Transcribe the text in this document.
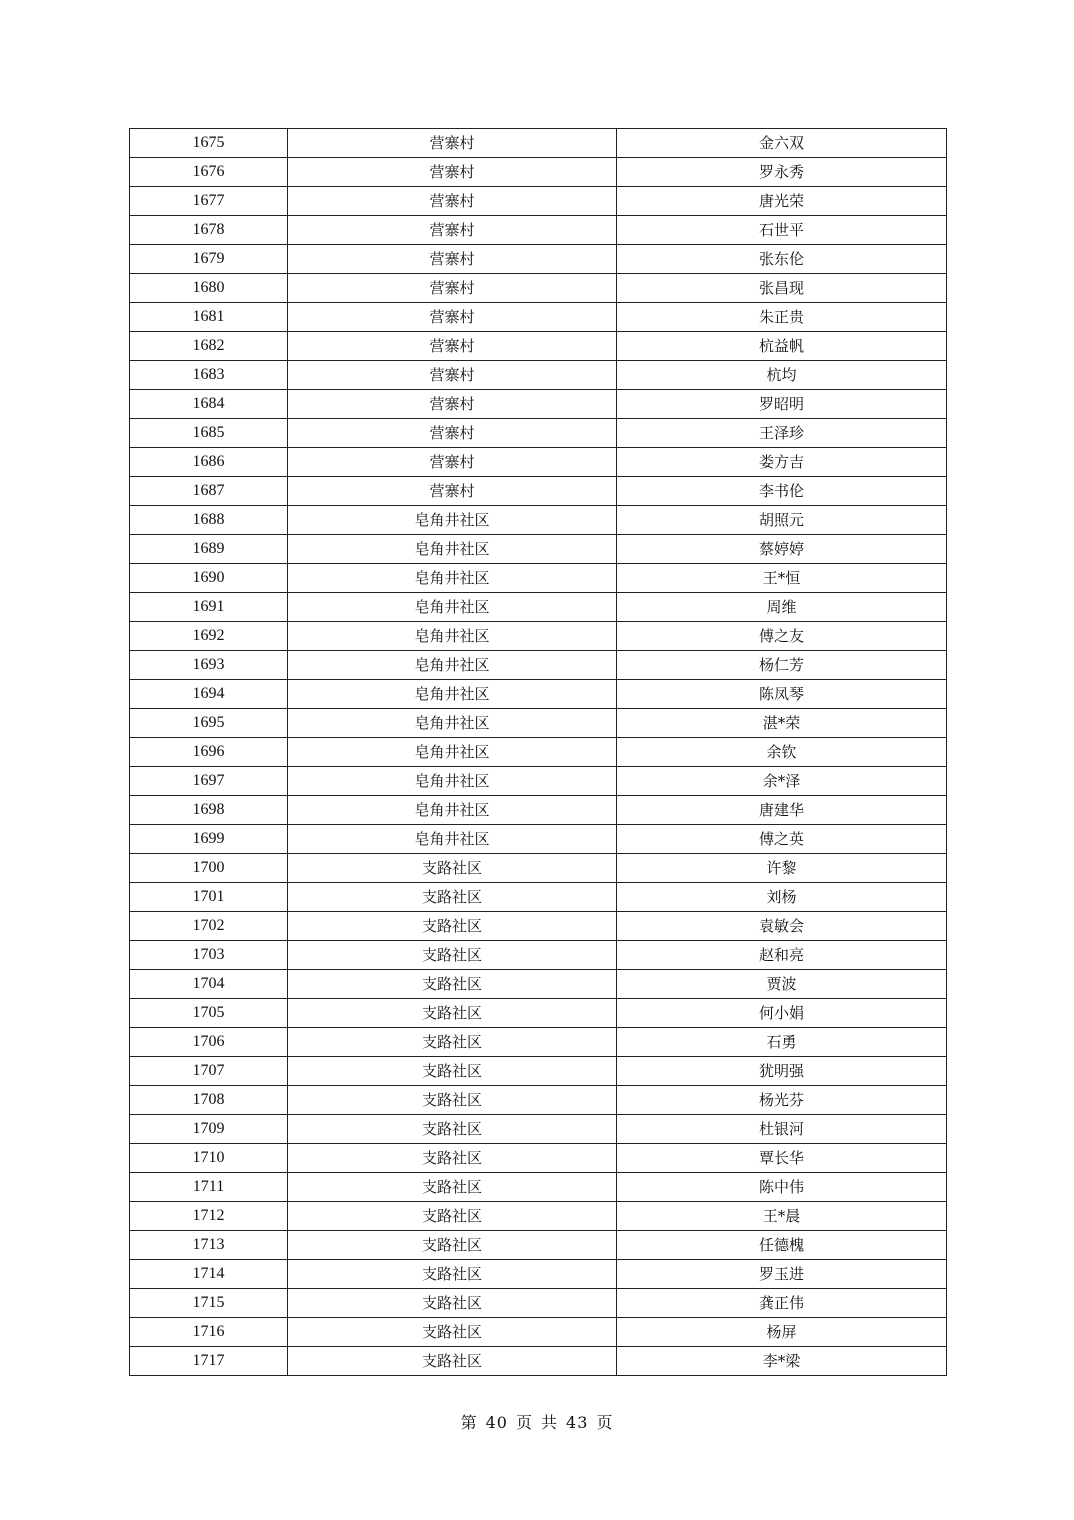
1675	营寨村	金六双
1676	营寨村	罗永秀
1677	营寨村	唐光荣
1678	营寨村	石世平
1679	营寨村	张东伦
1680	营寨村	张昌现
1681	营寨村	朱正贵
1682	营寨村	杭益帆
1683	营寨村	杭均
1684	营寨村	罗昭明
1685	营寨村	王泽珍
1686	营寨村	娄方吉
1687	营寨村	李书伦
1688	皂角井社区	胡照元
1689	皂角井社区	蔡婷婷
1690	皂角井社区	王*恒
1691	皂角井社区	周维
1692	皂角井社区	傅之友
1693	皂角井社区	杨仁芳
1694	皂角井社区	陈凤琴
1695	皂角井社区	湛*荣
1696	皂角井社区	余钦
1697	皂角井社区	余*泽
1698	皂角井社区	唐建华
1699	皂角井社区	傅之英
1700	支路社区	许黎
1701	支路社区	刘杨
1702	支路社区	袁敏会
1703	支路社区	赵和亮
1704	支路社区	贾波
1705	支路社区	何小娟
1706	支路社区	石勇
1707	支路社区	犹明强
1708	支路社区	杨光芬
1709	支路社区	杜银河
1710	支路社区	覃长华
1711	支路社区	陈中伟
1712	支路社区	王*晨
1713	支路社区	任德槐
1714	支路社区	罗玉进
1715	支路社区	龚正伟
1716	支路社区	杨屏
1717	支路社区	李*梁
第 40 页 共 43 页
